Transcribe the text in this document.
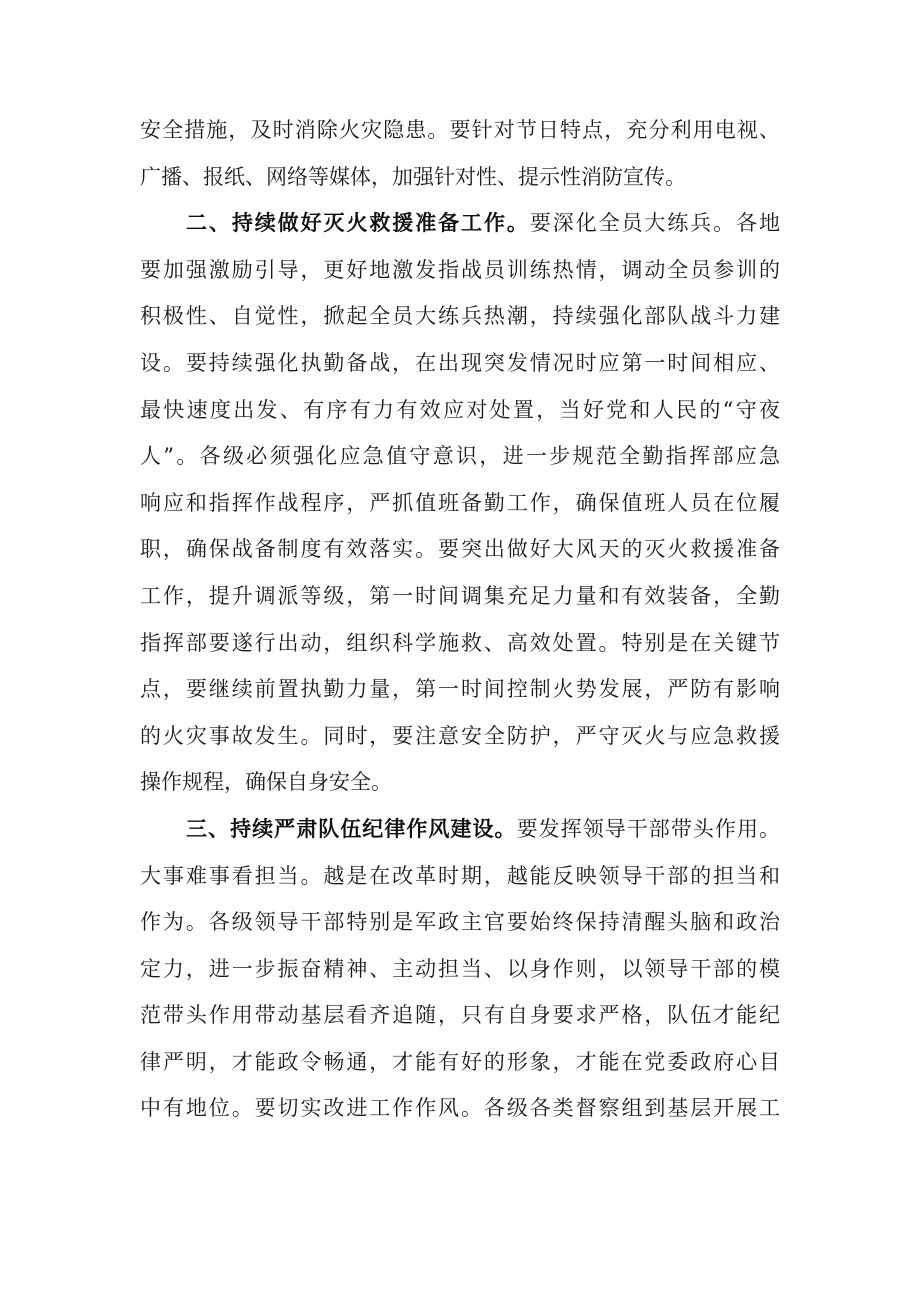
安全措施，及时消除火灾隐患。要针对节日特点，充分利用电视、
广播、报纸、网络等媒体，加强针对性、提示性消防宣传。
二、持续做好灭火救援准备工作。要深化全员大练兵。各地
要加强激励引导，更好地激发指战员训练热情，调动全员参训的
积极性、自觉性，掀起全员大练兵热潮，持续强化部队战斗力建
设。要持续强化执勤备战，在出现突发情况时应第一时间相应、
最快速度出发、有序有力有效应对处置，当好党和人民的“守夜
人”。各级必须强化应急值守意识，进一步规范全勤指挥部应急
响应和指挥作战程序，严抓值班备勤工作，确保值班人员在位履
职，确保战备制度有效落实。要突出做好大风天的灭火救援准备
工作，提升调派等级，第一时间调集充足力量和有效装备，全勤
指挥部要遂行出动，组织科学施救、高效处置。特别是在关键节
点，要继续前置执勤力量，第一时间控制火势发展，严防有影响
的火灾事故发生。同时，要注意安全防护，严守灭火与应急救援
操作规程，确保自身安全。
三、持续严肃队伍纪律作风建设。要发挥领导干部带头作用。
大事难事看担当。越是在改革时期，越能反映领导干部的担当和
作为。各级领导干部特别是军政主官要始终保持清醒头脑和政治
定力，进一步振奋精神、主动担当、以身作则，以领导干部的模
范带头作用带动基层看齐追随，只有自身要求严格，队伍才能纪
律严明，才能政令畅通，才能有好的形象，才能在党委政府心目
中有地位。要切实改进工作作风。各级各类督察组到基层开展工
